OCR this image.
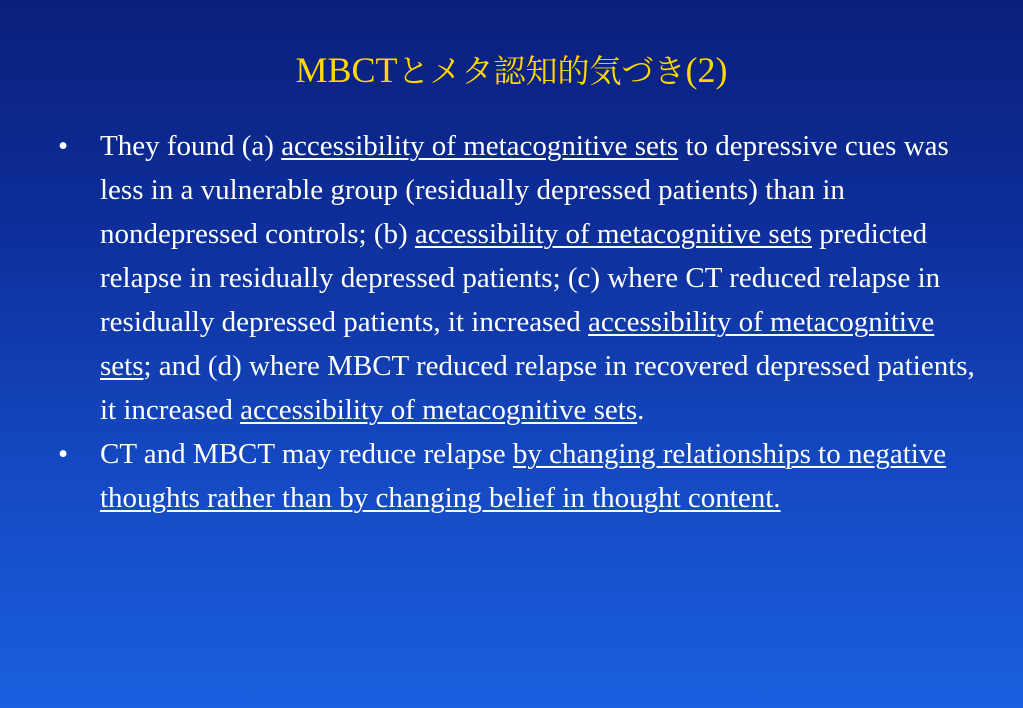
MBCTとメタ認知的気づき(2)
• They found (a) accessibility of metacognitive sets to depressive cues was less in a vulnerable group (residually depressed patients) than in nondepressed controls; (b) accessibility of metacognitive sets predicted relapse in residually depressed patients; (c) where CT reduced relapse in residually depressed patients, it increased accessibility of metacognitive sets; and (d) where MBCT reduced relapse in recovered depressed patients, it increased accessibility of metacognitive sets.
• CT and MBCT may reduce relapse by changing relationships to negative thoughts rather than by changing belief in thought content.
